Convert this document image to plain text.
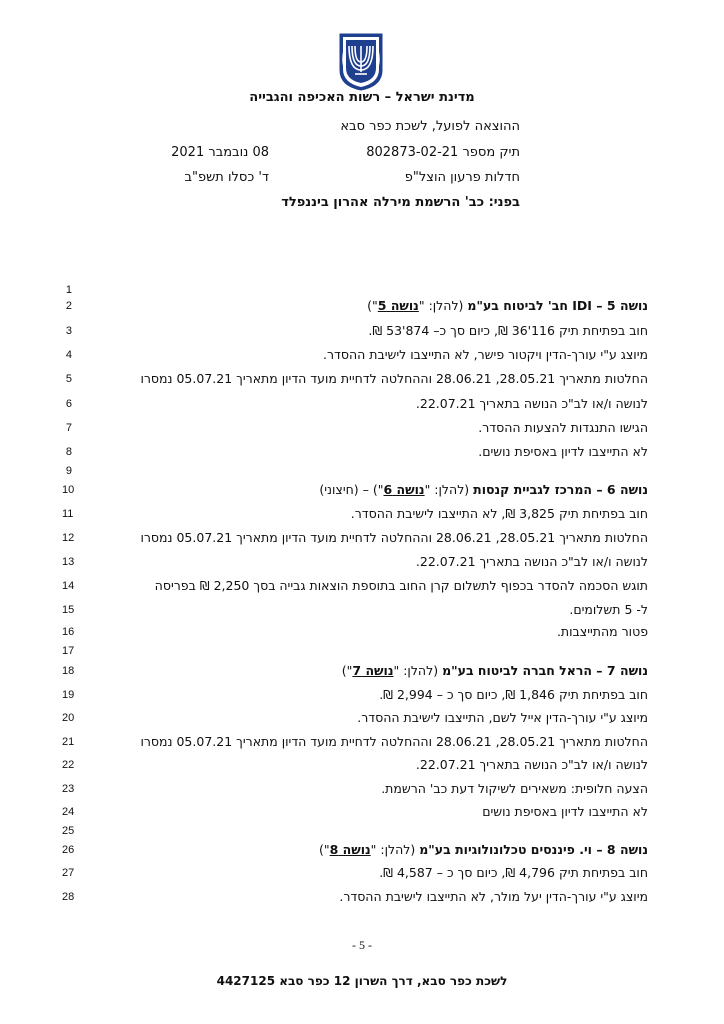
מדינת ישראל – רשות האכיפה והגבייה
ההוצאה לפועל, לשכת כפר סבא
תיק מספר 802873-02-21
חדלות פרעון הוצל"פ
בפני: כב' הרשמת מירלה אהרון ביננפלד
08 נובמבר 2021
ד' כסלו תשפ"ב
1
2	נושה 5 – IDI חב' לביטוח בע"מ (להלן: "נושה 5")
3	חוב בפתיחת תיק 116'36 ₪, כיום סך כ– 874'53 ₪.
4	מיוצג ע"י עורך-הדין ויקטור פישר, לא התייצבו לישיבת ההסדר.
5	החלטות מתאריך 28.05.21, 28.06.21 וההחלטה לדחיית מועד הדיון מתאריך 05.07.21 נמסרו
6	לנושה ו/או לב"כ הנושה בתאריך 22.07.21.
7	הגישו התנגדות להצעות ההסדר.
8	לא התייצבו לדיון באסיפת נושים.
9
10	נושה 6 – המרכז לגביית קנסות (להלן: "נושה 6") – (חיצוני)
11	חוב בפתיחת תיק 3,825 ₪, לא התייצבו לישיבת ההסדר.
12	החלטות מתאריך 28.05.21, 28.06.21 וההחלטה לדחיית מועד הדיון מתאריך 05.07.21 נמסרו
13	לנושה ו/או לב"כ הנושה בתאריך 22.07.21.
14	תוגש הסכמה להסדר בכפוף לתשלום קרן החוב בתוספת הוצאות גבייה בסך 2,250 ₪ בפריסה
15	ל- 5 תשלומים.
16	פטור מהתייצבות.
17
18	נושה 7 – הראל חברה לביטוח בע"מ (להלן: "נושה 7")
19	חוב בפתיחת תיק 1,846 ₪, כיום סך כ – 2,994 ₪.
20	מיוצג ע"י עורך-הדין אייל לשם, התייצבו לישיבת ההסדר.
21	החלטות מתאריך 28.05.21, 28.06.21 וההחלטה לדחיית מועד הדיון מתאריך 05.07.21 נמסרו
22	לנושה ו/או לב"כ הנושה בתאריך 22.07.21.
23	הצעה חלופית: משאירים לשיקול דעת כב' הרשמת.
24	לא התייצבו לדיון באסיפת נושים
25
26	נושה 8 – וי. פיננסים טכלונולוגיות בע"מ (להלן: "נושה 8")
27	חוב בפתיחת תיק 4,796 ₪, כיום סך כ – 4,587 ₪.
28	מיוצג ע"י עורך-הדין יעל מולר, לא התייצבו לישיבת ההסדר.
- 5 -
לשכת כפר סבא, דרך השרון 12 כפר סבא 4427125
